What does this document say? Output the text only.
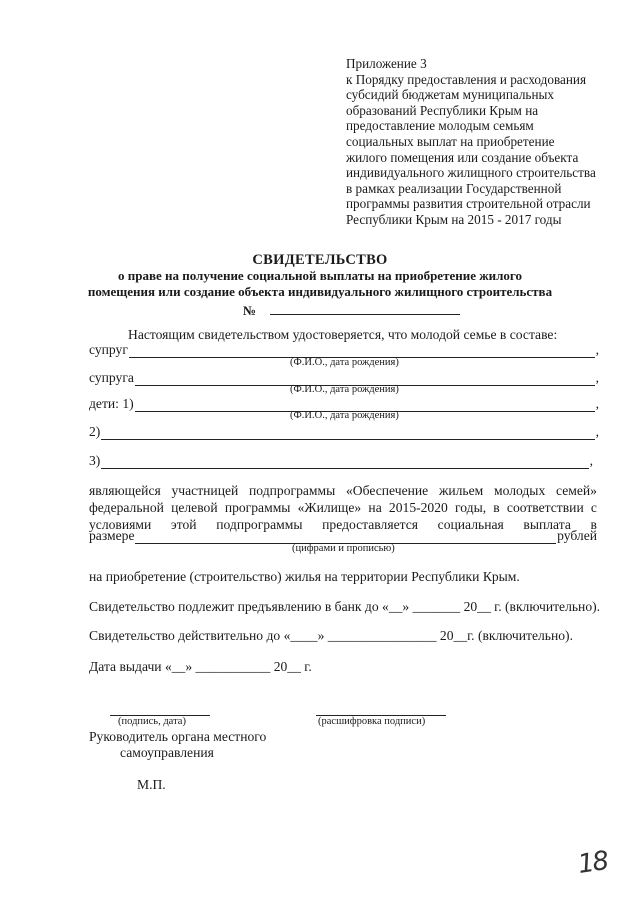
Приложение 3
к Порядку предоставления и расходования
субсидий бюджетам муниципальных
образований Республики Крым на
предоставление молодым семьям
социальных выплат на приобретение
жилого помещения или создание объекта
индивидуального жилищного строительства
в рамках реализации Государственной
программы развития строительной отрасли
Республики Крым на 2015 - 2017 годы
СВИДЕТЕЛЬСТВО
о праве на получение социальной выплаты на приобретение жилого
помещения или создание объекта индивидуального жилищного строительства
№
Настоящим свидетельством удостоверяется, что молодой семье в составе:
супруг	,
(Ф.И.О., дата рождения)
супруга	,
(Ф.И.О., дата рождения)
дети: 1)	,
(Ф.И.О., дата рождения)
2)	,
3)	,
являющейся участницей подпрограммы «Обеспечение жильем молодых семей»
федеральной целевой программы «Жилище» на 2015-2020 годы, в соответствии с
условиями этой подпрограммы предоставляется социальная выплата в
размере	рублей
(цифрами и прописью)
на приобретение (строительство) жилья на территории Республики Крым.
Свидетельство подлежит предъявлению в банк до «__» _______ 20__ г. (включительно).
Свидетельство действительно до «____» ________________ 20__г. (включительно).
Дата выдачи «__» ___________ 20__ г.
(подпись, дата)	(расшифровка подписи)
Руководитель органа местного
самоуправления
М.П.
18
